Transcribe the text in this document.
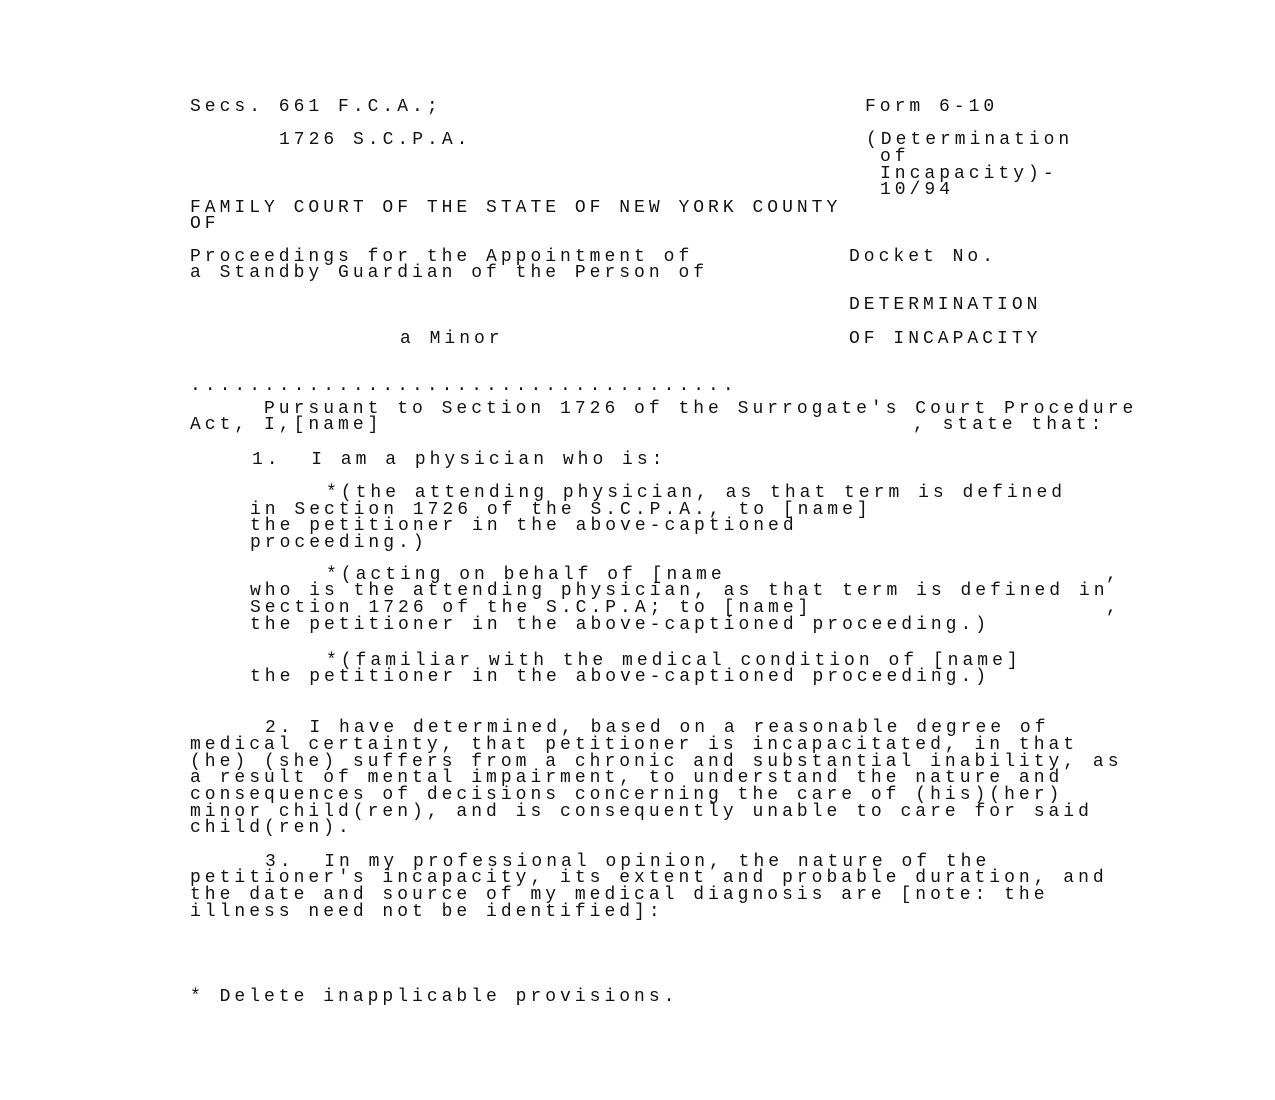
Secs. 661 F.C.A.;
1726 S.C.P.A.
Form 6-10
(Determination
of
Incapacity)-
10/94
FAMILY COURT OF THE STATE OF NEW YORK COUNTY
OF
Proceedings for the Appointment of
a Standby Guardian of the Person of
Docket No.
DETERMINATION
OF INCAPACITY
a Minor
.....................................
Pursuant to Section 1726 of the Surrogate's Court Procedure
Act, I,[name]	, state that:
1.  I am a physician who is:
*(the attending physician, as that term is defined
in Section 1726 of the S.C.P.A., to [name]
the petitioner in the above-captioned
proceeding.)
*(acting on behalf of [name	,
who is the attending physician, as that term is defined in
Section 1726 of the S.C.P.A; to [name]	,
the petitioner in the above-captioned proceeding.)
*(familiar with the medical condition of [name]
the petitioner in the above-captioned proceeding.)
2. I have determined, based on a reasonable degree of
medical certainty, that petitioner is incapacitated, in that
(he) (she) suffers from a chronic and substantial inability, as
a result of mental impairment, to understand the nature and
consequences of decisions concerning the care of (his)(her)
minor child(ren), and is consequently unable to care for said
child(ren).
3.  In my professional opinion, the nature of the
petitioner's incapacity, its extent and probable duration, and
the date and source of my medical diagnosis are [note: the
illness need not be identified]:
* Delete inapplicable provisions.
